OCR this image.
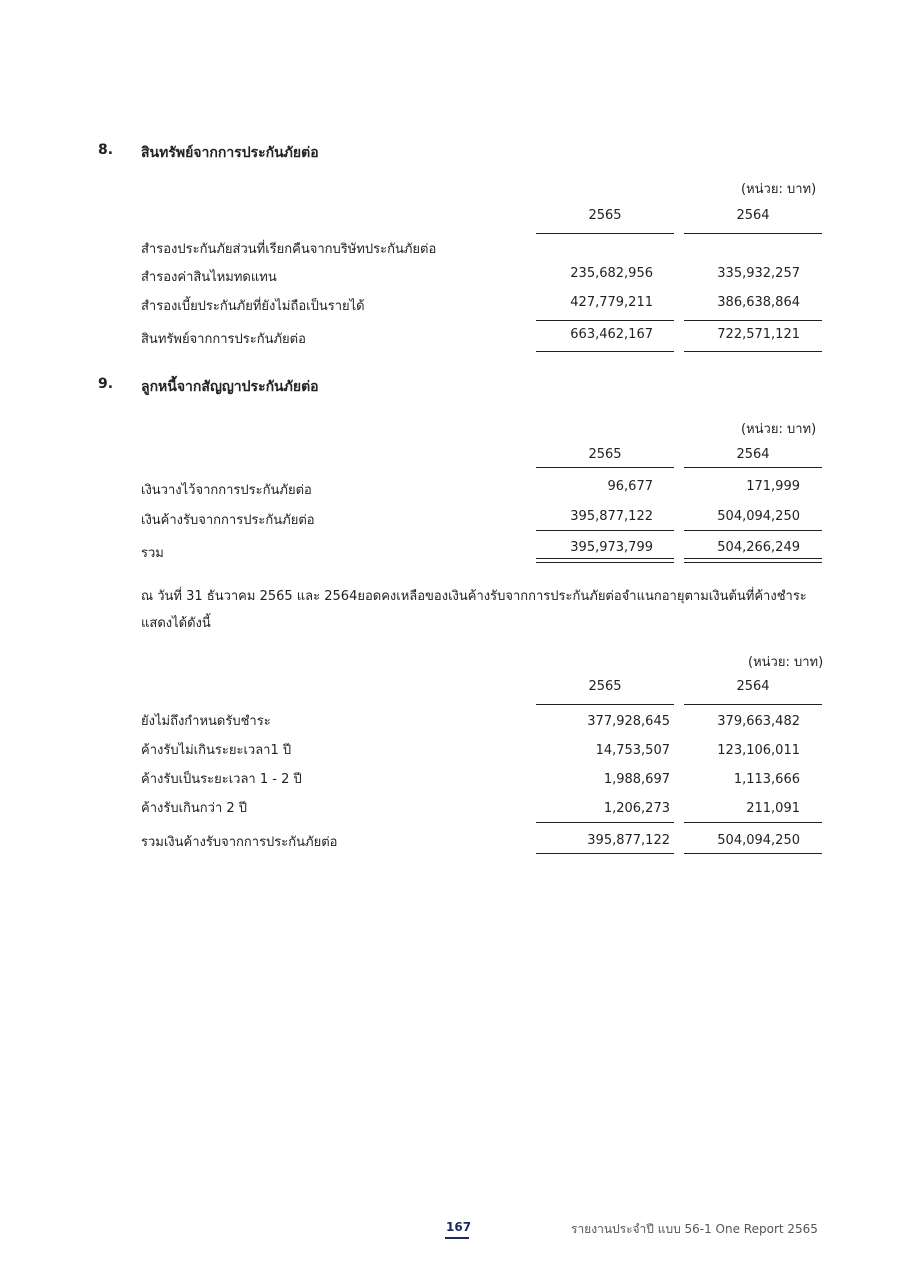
8. สินทรัพย์จากการประกันภัยต่อ
(หน่วย: บาท)
2565	2564
สำรองประกันภัยส่วนที่เรียกคืนจากบริษัทประกันภัยต่อ
สำรองค่าสินไหมทดแทน	235,682,956	335,932,257
สำรองเบี้ยประกันภัยที่ยังไม่ถือเป็นรายได้	427,779,211	386,638,864
สินทรัพย์จากการประกันภัยต่อ	663,462,167	722,571,121
9. ลูกหนี้จากสัญญาประกันภัยต่อ
(หน่วย: บาท)
2565	2564
เงินวางไว้จากการประกันภัยต่อ	96,677	171,999
เงินค้างรับจากการประกันภัยต่อ	395,877,122	504,094,250
รวม	395,973,799	504,266,249
ณ วันที่ 31 ธันวาคม 2565 และ 2564ยอดคงเหลือของเงินค้างรับจากการประกันภัยต่อจำแนกอายุตามเงินต้นที่ค้างชำระ
แสดงได้ดังนี้
(หน่วย: บาท)
2565	2564
ยังไม่ถึงกำหนดรับชำระ	377,928,645	379,663,482
ค้างรับไม่เกินระยะเวลา1 ปี	14,753,507	123,106,011
ค้างรับเป็นระยะเวลา 1 - 2 ปี	1,988,697	1,113,666
ค้างรับเกินกว่า 2 ปี	1,206,273	211,091
รวมเงินค้างรับจากการประกันภัยต่อ	395,877,122	504,094,250
167	รายงานประจำปี แบบ 56-1 One Report 2565
